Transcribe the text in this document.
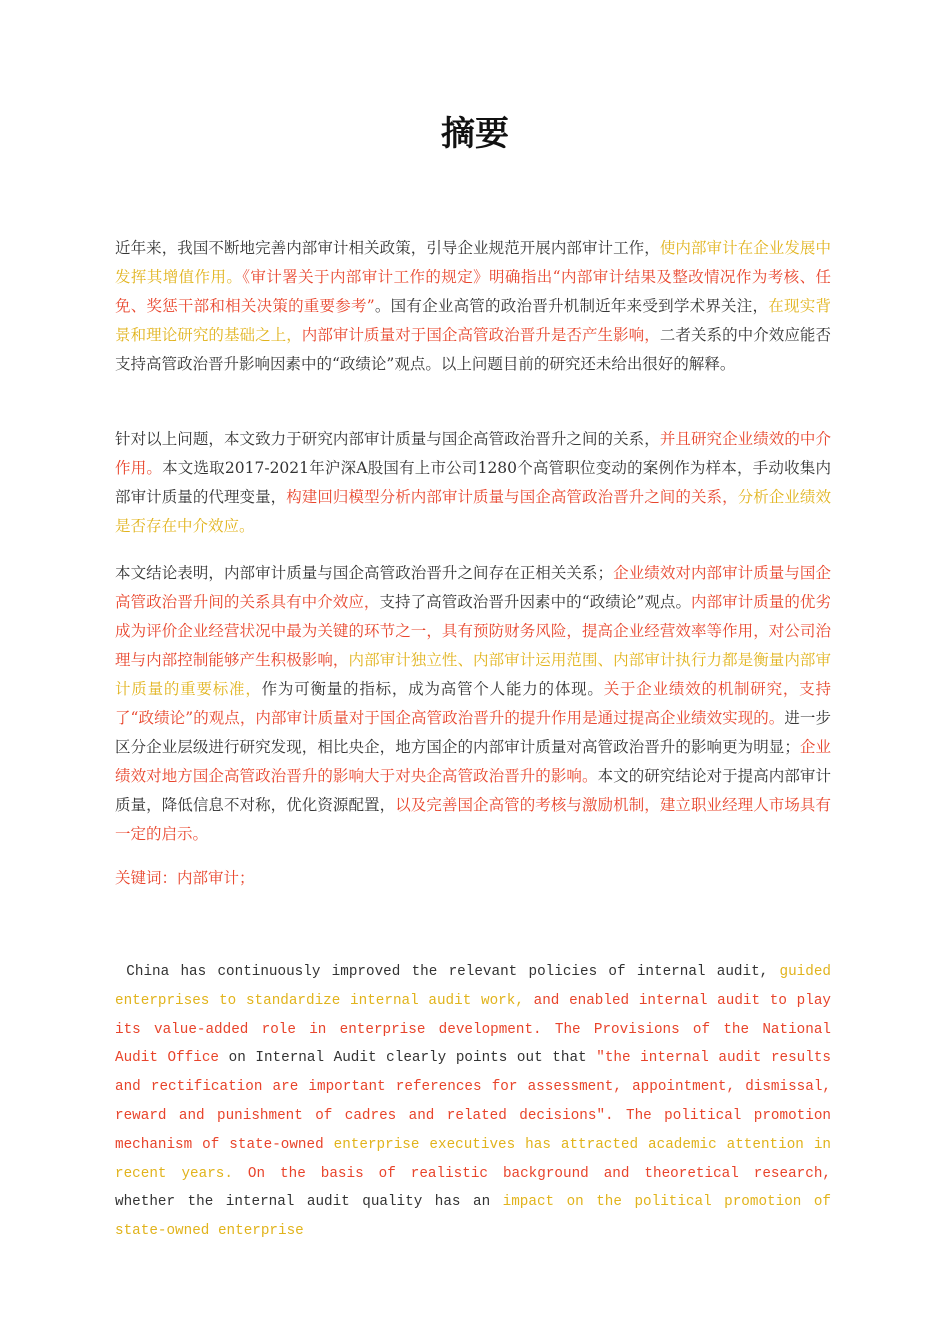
摘要

近年来，我国不断地完善内部审计相关政策，引导企业规范开展内部审计工作，使内部审计在企业发展中发挥其增值作用。《审计署关于内部审计工作的规定》明确指出“内部审计结果及整改情况作为考核、任免、奖惩干部和相关决策的重要参考”。国有企业高管的政治晋升机制近年来受到学术界关注，在现实背景和理论研究的基础之上，内部审计质量对于国企高管政治晋升是否产生影响，二者关系的中介效应能否支持高管政治晋升影响因素中的“政绩论”观点。以上问题目前的研究还未给出很好的解释。

针对以上问题，本文致力于研究内部审计质量与国企高管政治晋升之间的关系，并且研究企业绩效的中介作用。本文选取2017-2021年沪深A股国有上市公司1280个高管职位变动的案例作为样本，手动收集内部审计质量的代理变量，构建回归模型分析内部审计质量与国企高管政治晋升之间的关系，分析企业绩效是否存在中介效应。

本文结论表明，内部审计质量与国企高管政治晋升之间存在正相关关系；企业绩效对内部审计质量与国企高管政治晋升间的关系具有中介效应，支持了高管政治晋升因素中的“政绩论”观点。内部审计质量的优劣成为评价企业经营状况中最为关键的环节之一，具有预防财务风险，提高企业经营效率等作用，对公司治理与内部控制能够产生积极影响，内部审计独立性、内部审计运用范围、内部审计执行力都是衡量内部审计质量的重要标准，作为可衡量的指标，成为高管个人能力的体现。关于企业绩效的机制研究，支持了“政绩论”的观点，内部审计质量对于国企高管政治晋升的提升作用是通过提高企业绩效实现的。进一步区分企业层级进行研究发现，相比央企，地方国企的内部审计质量对高管政治晋升的影响更为明显；企业绩效对地方国企高管政治晋升的影响大于对央企高管政治晋升的影响。本文的研究结论对于提高内部审计质量，降低信息不对称，优化资源配置，以及完善国企高管的考核与激励机制，建立职业经理人市场具有一定的启示。

关键词：内部审计；

China has continuously improved the relevant policies of internal audit, guided enterprises to standardize internal audit work, and enabled internal audit to play its value-added role in enterprise development. The Provisions of the National Audit Office on Internal Audit clearly points out that "the internal audit results and rectification are important references for assessment, appointment, dismissal, reward and punishment of cadres and related decisions". The political promotion mechanism of state-owned enterprise executives has attracted academic attention in recent years. On the basis of realistic background and theoretical research, whether the internal audit quality has an impact on the political promotion of state-owned enterprise
